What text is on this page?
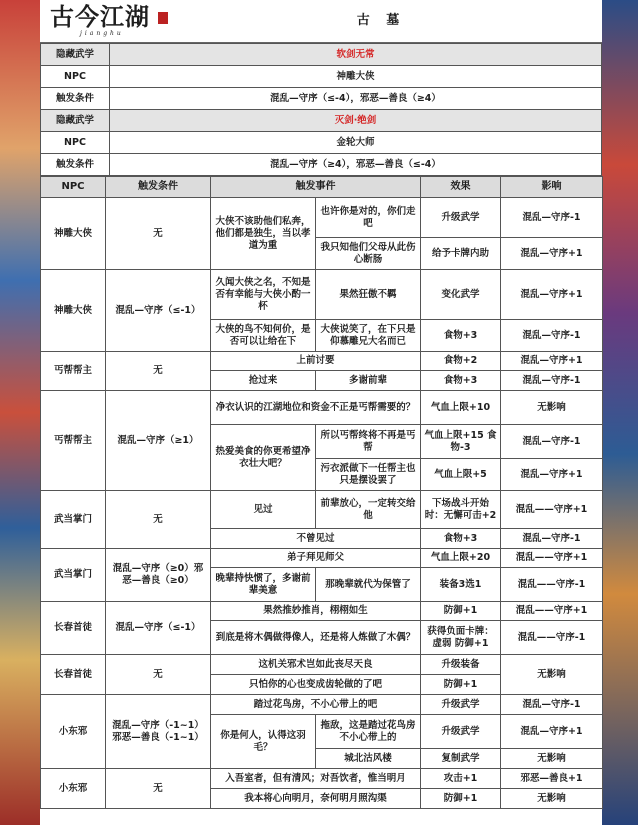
古今江湖
jianghu
古 墓
隐藏武学	软剑无常
NPC	神雕大侠
触发条件	混乱—守序（≤-4），邪恶—善良（≥4）
隐藏武学	灭剑·绝剑
NPC	金轮大师
触发条件	混乱—守序（≥4），邪恶—善良（≤-4）
NPC	触发条件	触发事件		效果	影响
神雕大侠	无	大侠不该助他们私奔，他们都是独生，当以孝道为重	也许你是对的，你们走吧	升级武学	混乱—守序-1
			我只知他们父母从此伤心断肠	给予卡牌内助	混乱—守序+1
神雕大侠	混乱—守序（≤-1）	久闻大侠之名，不知是否有幸能与大侠小酌一杯	果然狂傲不羁	变化武学	混乱—守序+1
		大侠的鸟不知何价，是否可以让给在下	大侠说笑了，在下只是仰慕雕兄大名而已	食物+3	混乱—守序-1
丐帮帮主	无	上前讨要		食物+2	混乱—守序+1
		抢过来	多谢前辈	食物+3	混乱—守序-1
丐帮帮主	混乱—守序（≥1）	净衣认识的江湖地位和资金不正是丐帮需要的？		气血上限+10	无影响
		热爱美食的你更希望净衣壮大吧？	所以丐帮终将不再是丐帮	气血上限+15 食物-3	混乱—守序-1
			污衣派做下一任帮主也只是摆设罢了	气血上限+5	混乱—守序+1
武当掌门	无	见过	前辈放心，一定转交给他	下场战斗开始时：无懈可击+2	混乱——守序+1
		不曾见过		食物+3	混乱—守序-1
武当掌门	混乱—守序（≥0）邪恶—善良（≥0）	弟子拜见师父		气血上限+20	混乱——守序+1
		晚辈持快惯了，多谢前辈美意	那晚辈就代为保管了	装备3选1	混乱——守序-1
长春首徒	混乱—守序（≤-1）	果然推妙推肖，栩栩如生		防御+1	混乱——守序+1
		到底是将木偶做得像人，还是将人炼做了木偶？		获得负面卡牌：虚弱 防御+1	混乱——守序-1
长春首徒	无	这机关邪术岂如此丧尽天良		升级装备	无影响
		只怕你的心也变成齿轮做的了吧		防御+1	
小东邪	混乱—守序（-1~1）邪恶—善良（-1~1）	踏过花鸟房，不小心带上的吧		升级武学	混乱—守序-1
		你是何人，认得这羽毛？	拖敌，这是踏过花鸟房不小心带上的	升级武学	混乱—守序+1
			城北沽风楼	复制武学	无影响
小东邪	无	入吾室者，但有清风；对吾饮者，惟当明月		攻击+1	邪恶—善良+1
		我本将心向明月，奈何明月照沟渠		防御+1	无影响
